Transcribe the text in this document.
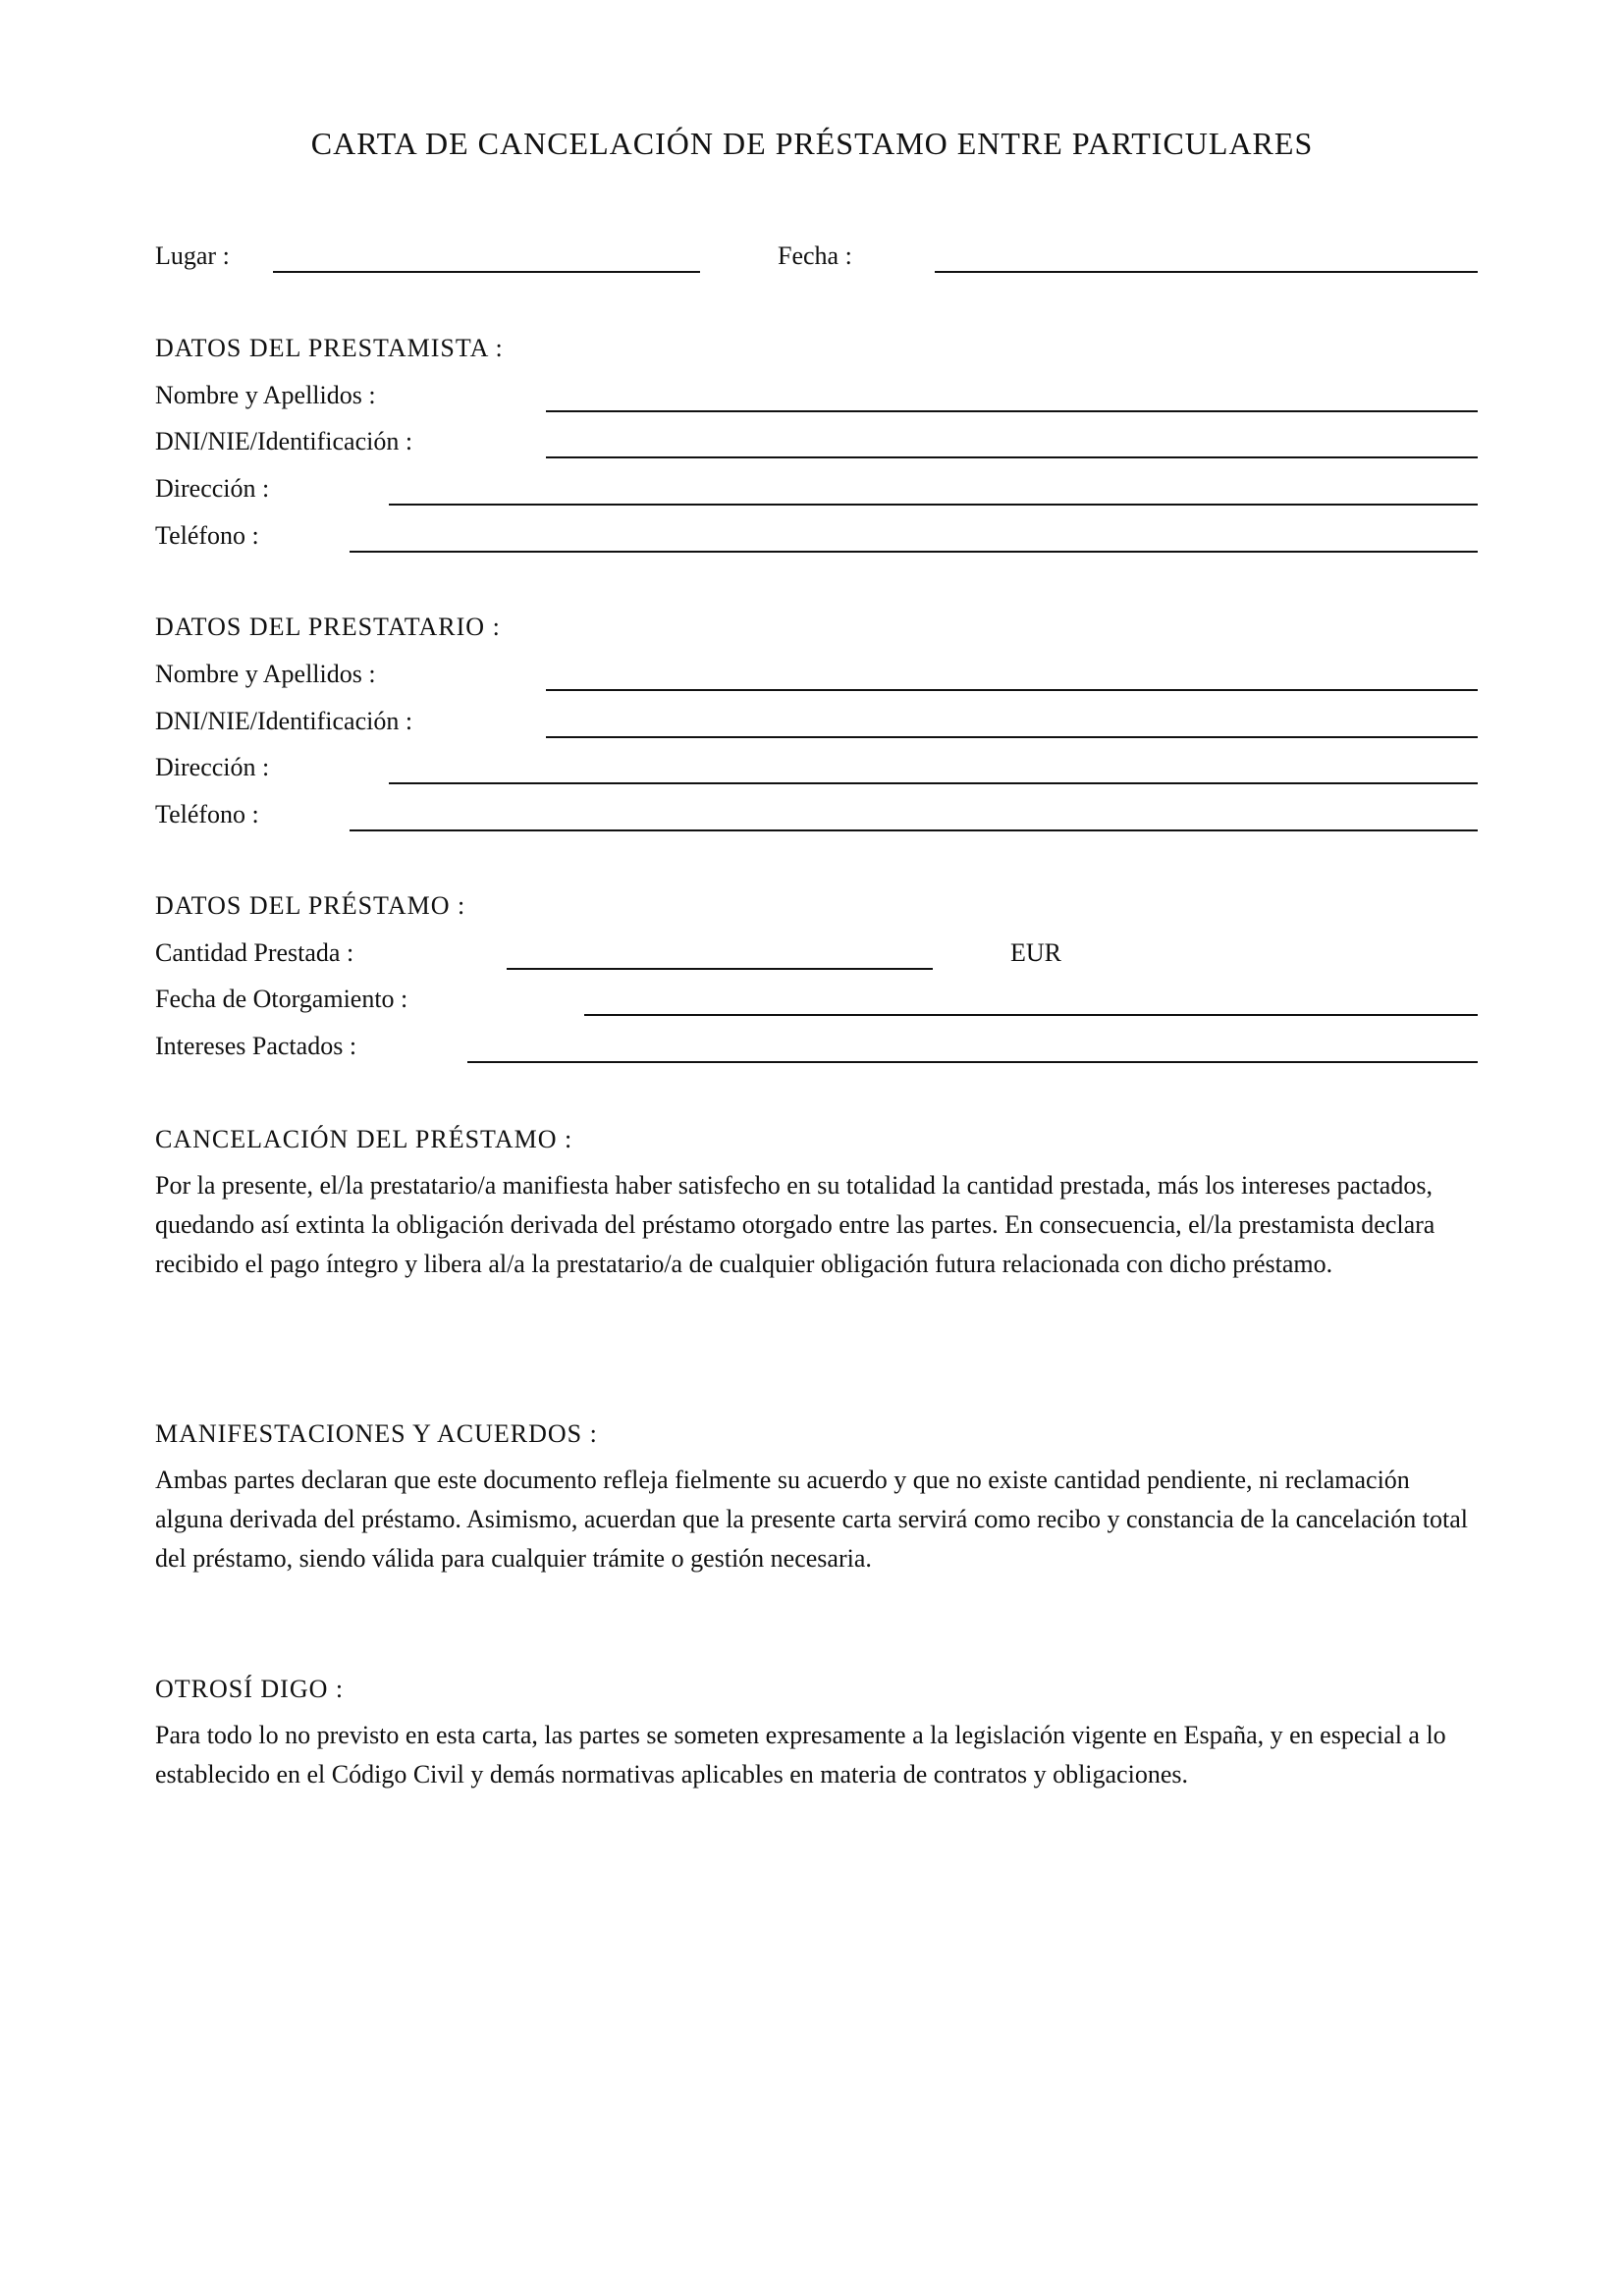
CARTA DE CANCELACIÓN DE PRÉSTAMO ENTRE PARTICULARES
Lugar :	Fecha :
DATOS DEL PRESTAMISTA :
Nombre y Apellidos :
DNI/NIE/Identificación :
Dirección :
Teléfono :
DATOS DEL PRESTATARIO :
Nombre y Apellidos :
DNI/NIE/Identificación :
Dirección :
Teléfono :
DATOS DEL PRÉSTAMO :
Cantidad Prestada :	EUR
Fecha de Otorgamiento :
Intereses Pactados :
CANCELACIÓN DEL PRÉSTAMO :
Por la presente, el/la prestatario/a manifiesta haber satisfecho en su totalidad la cantidad prestada, más los intereses pactados, quedando así extinta la obligación derivada del préstamo otorgado entre las partes. En consecuencia, el/la prestamista declara recibido el pago íntegro y libera al/a la prestatario/a de cualquier obligación futura relacionada con dicho préstamo.
MANIFESTACIONES Y ACUERDOS :
Ambas partes declaran que este documento refleja fielmente su acuerdo y que no existe cantidad pendiente, ni reclamación alguna derivada del préstamo. Asimismo, acuerdan que la presente carta servirá como recibo y constancia de la cancelación total del préstamo, siendo válida para cualquier trámite o gestión necesaria.
OTROSÍ DIGO :
Para todo lo no previsto en esta carta, las partes se someten expresamente a la legislación vigente en España, y en especial a lo establecido en el Código Civil y demás normativas aplicables en materia de contratos y obligaciones.
